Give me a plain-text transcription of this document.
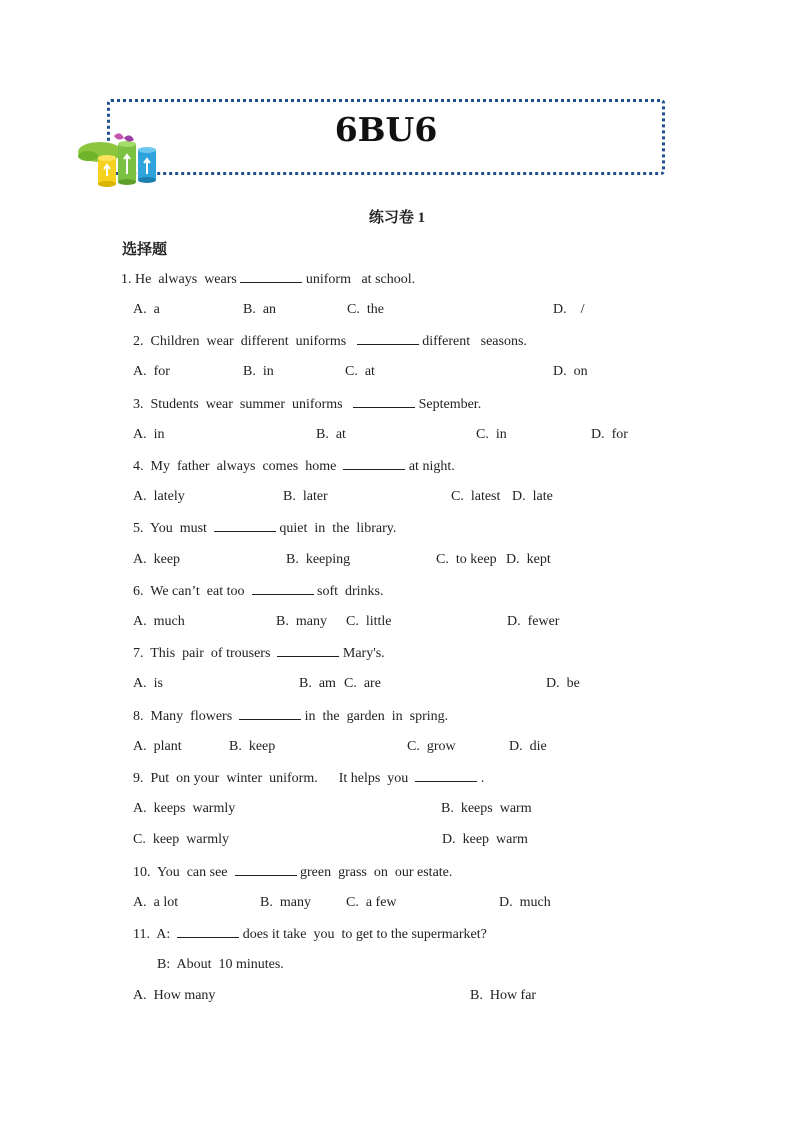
6BU6
练习卷 1
选择题
1. He  always  wears	uniform   at school.
A.  a	B.  an	C.  the	D.    /
2.  Children  wear  different  uniforms	different   seasons.
A.  for	B.  in	C.  at	D.  on
3.  Students  wear  summer  uniforms	September.
A.  in	B.  at	C.  in	D.  for
4.  My  father  always  comes  home	at night.
A.  lately	B.  later	C.  latest D.  late
5.  You  must	quiet  in  the  library.
A.  keep	B.  keeping	C.  to keep D.  kept
6.  We can’t  eat too	soft  drinks.
A.  much	B.  many C.  little	D.  fewer
7.  This  pair  of trousers	Mary's.
A.  is	B.  am C.  are	D.  be
8.  Many  flowers	in  the  garden  in  spring.
A.  plant	B.  keep	C.  grow	D.  die
9.  Put  on your  winter  uniform.      It helps  you	.
A.  keeps  warmly	B.  keeps  warm
C.  keep  warmly	D.  keep  warm
10.  You  can see	green  grass  on  our estate.
A.  a lot	B.  many	C.  a few	D.  much
11.  A:	does it take  you  to get to the supermarket?
B:  About  10 minutes.
A.  How many	B.  How far
